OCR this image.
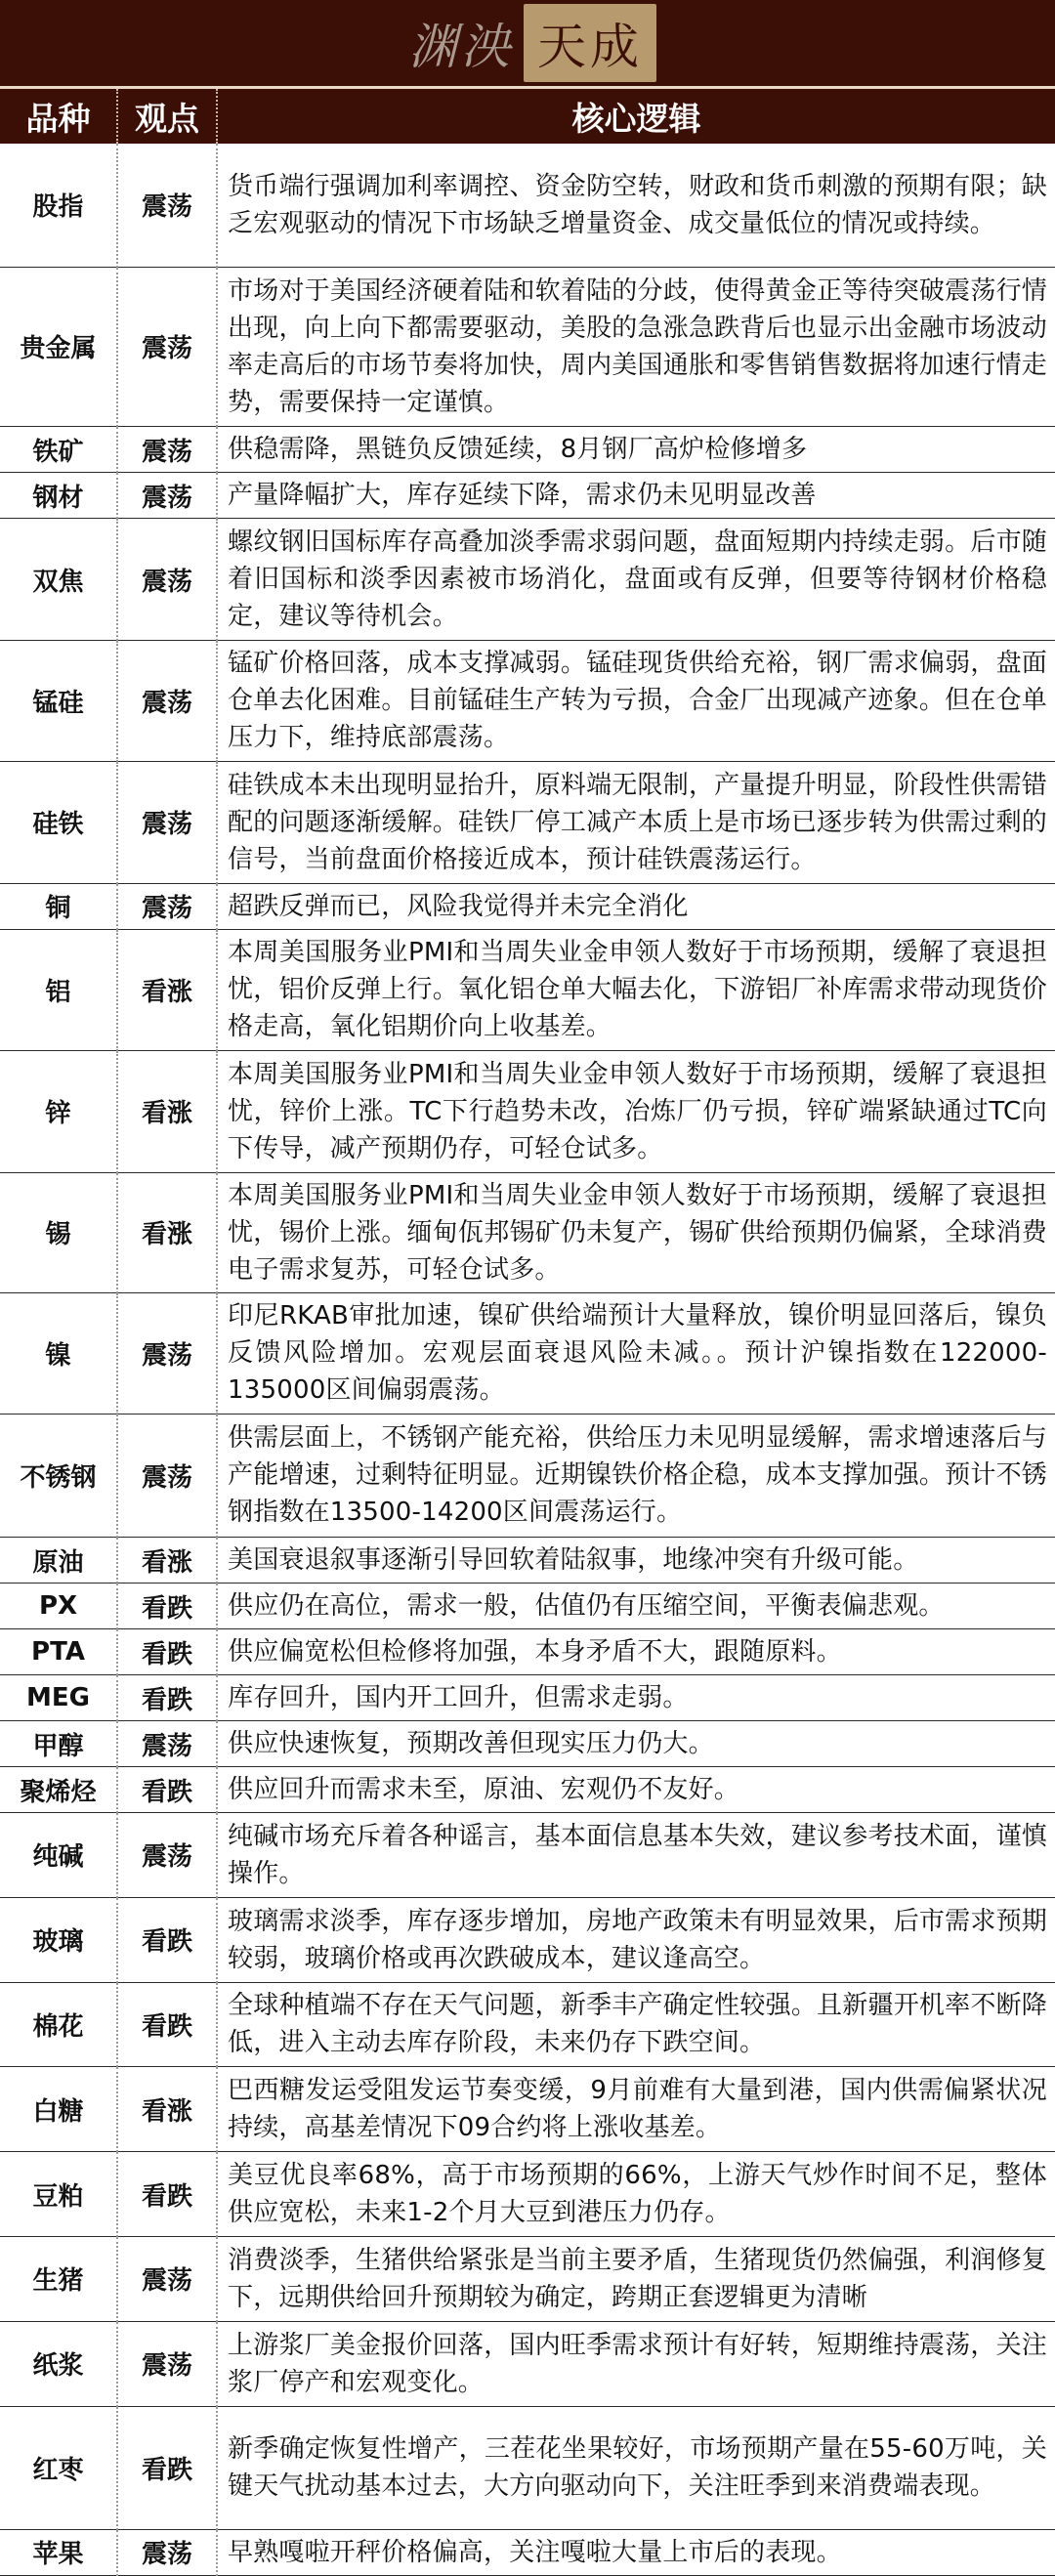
渊泱 天成
品种	观点	核心逻辑
股指	震荡	货币端行强调加利率调控、资金防空转，财政和货币刺激的预期有限；缺乏宏观驱动的情况下市场缺乏增量资金、成交量低位的情况或持续。
贵金属	震荡	市场对于美国经济硬着陆和软着陆的分歧，使得黄金正等待突破震荡行情出现，向上向下都需要驱动，美股的急涨急跌背后也显示出金融市场波动率走高后的市场节奏将加快，周内美国通胀和零售销售数据将加速行情走势，需要保持一定谨慎。
铁矿	震荡	供稳需降，黑链负反馈延续，8月钢厂高炉检修增多
钢材	震荡	产量降幅扩大，库存延续下降，需求仍未见明显改善
双焦	震荡	螺纹钢旧国标库存高叠加淡季需求弱问题，盘面短期内持续走弱。后市随着旧国标和淡季因素被市场消化，盘面或有反弹，但要等待钢材价格稳定，建议等待机会。
锰硅	震荡	锰矿价格回落，成本支撑减弱。锰硅现货供给充裕，钢厂需求偏弱，盘面仓单去化困难。目前锰硅生产转为亏损，合金厂出现减产迹象。但在仓单压力下，维持底部震荡。
硅铁	震荡	硅铁成本未出现明显抬升，原料端无限制，产量提升明显，阶段性供需错配的问题逐渐缓解。硅铁厂停工减产本质上是市场已逐步转为供需过剩的信号，当前盘面价格接近成本，预计硅铁震荡运行。
铜	震荡	超跌反弹而已，风险我觉得并未完全消化
铝	看涨	本周美国服务业PMI和当周失业金申领人数好于市场预期，缓解了衰退担忧，铝价反弹上行。氧化铝仓单大幅去化，下游铝厂补库需求带动现货价格走高，氧化铝期价向上收基差。
锌	看涨	本周美国服务业PMI和当周失业金申领人数好于市场预期，缓解了衰退担忧，锌价上涨。TC下行趋势未改，冶炼厂仍亏损，锌矿端紧缺通过TC向下传导，减产预期仍存，可轻仓试多。
锡	看涨	本周美国服务业PMI和当周失业金申领人数好于市场预期，缓解了衰退担忧，锡价上涨。缅甸佤邦锡矿仍未复产，锡矿供给预期仍偏紧，全球消费电子需求复苏，可轻仓试多。
镍	震荡	印尼RKAB审批加速，镍矿供给端预计大量释放，镍价明显回落后，镍负反馈风险增加。宏观层面衰退风险未减。。预计沪镍指数在122000-135000区间偏弱震荡。
不锈钢	震荡	供需层面上，不锈钢产能充裕，供给压力未见明显缓解，需求增速落后与产能增速，过剩特征明显。近期镍铁价格企稳，成本支撑加强。预计不锈钢指数在13500-14200区间震荡运行。
原油	看涨	美国衰退叙事逐渐引导回软着陆叙事，地缘冲突有升级可能。
PX	看跌	供应仍在高位，需求一般，估值仍有压缩空间，平衡表偏悲观。
PTA	看跌	供应偏宽松但检修将加强，本身矛盾不大，跟随原料。
MEG	看跌	库存回升，国内开工回升，但需求走弱。
甲醇	震荡	供应快速恢复，预期改善但现实压力仍大。
聚烯烃	看跌	供应回升而需求未至，原油、宏观仍不友好。
纯碱	震荡	纯碱市场充斥着各种谣言，基本面信息基本失效，建议参考技术面，谨慎操作。
玻璃	看跌	玻璃需求淡季，库存逐步增加，房地产政策未有明显效果，后市需求预期较弱，玻璃价格或再次跌破成本，建议逢高空。
棉花	看跌	全球种植端不存在天气问题，新季丰产确定性较强。且新疆开机率不断降低，进入主动去库存阶段，未来仍存下跌空间。
白糖	看涨	巴西糖发运受阻发运节奏变缓，9月前难有大量到港，国内供需偏紧状况持续，高基差情况下09合约将上涨收基差。
豆粕	看跌	美豆优良率68%，高于市场预期的66%，上游天气炒作时间不足，整体供应宽松，未来1-2个月大豆到港压力仍存。
生猪	震荡	消费淡季，生猪供给紧张是当前主要矛盾，生猪现货仍然偏强，利润修复下，远期供给回升预期较为确定，跨期正套逻辑更为清晰
纸浆	震荡	上游浆厂美金报价回落，国内旺季需求预计有好转，短期维持震荡，关注浆厂停产和宏观变化。
红枣	看跌	新季确定恢复性增产，三茬花坐果较好，市场预期产量在55-60万吨，关键天气扰动基本过去，大方向驱动向下，关注旺季到来消费端表现。
苹果	震荡	早熟嘎啦开秤价格偏高，关注嘎啦大量上市后的表现。
